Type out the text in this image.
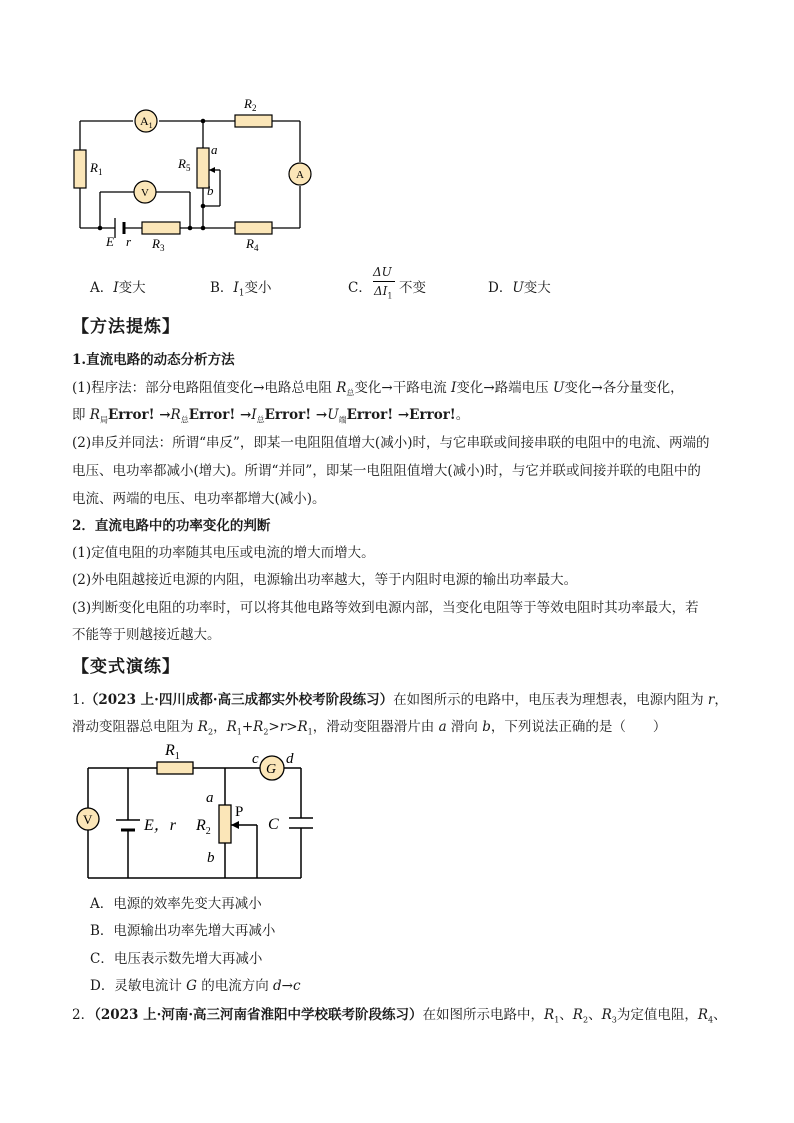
$A_1$
$R_2$
$R_1$
$R_5$
a
b
A
V
E r $R_3$	$R_4$
A．I变大	B．$I_1$变小	C．
ΔU
$\Delta I_1$ 不变	D．U变大
【方法提炼】
1.直流电路的动态分析方法
(1)程序法：部分电路阻值变化→电路总电阻 $R_总$变化→干路电流 I变化→路端电压 U变化→各分量变化，
即 $R_局Error$! $\to R_总Error$! $\to I_总Error$! $\to U_端Error$! →Error!。
(2)串反并同法：所谓“串反”，即某一电阻阻值增大(减小)时，与它串联或间接串联的电阻中的电流、两端的
电压、电功率都减小(增大)。所谓“并同”，即某一电阻阻值增大(减小)时，与它并联或间接并联的电阻中的
电流、两端的电压、电功率都增大(减小)。
2．直流电路中的功率变化的判断
(1)定值电阻的功率随其电压或电流的增大而增大。
(2)外电阻越接近电源的内阻，电源输出功率越大，等于内阻时电源的输出功率最大。
(3)判断变化电阻的功率时，可以将其他电路等效到电源内部，当变化电阻等于等效电阻时其功率最大，若
不能等于则越接近越大。
【变式演练】
1.（2023 上·四川成都·高三成都实外校考阶段练习）在如图所示的电路中，电压表为理想表，电源内阻为 r，
滑动变阻器总电阻为 $R_2$，$R_1+R_2>r>R_1$，滑动变阻器滑片由 a 滑向 b，下列说法正确的是（　　）
$R_1$	c d
G
V	E，r
a
P
$R_2$	C
b
A．电源的效率先变大再减小
B．电源输出功率先增大再减小
C．电压表示数先增大再减小
D．灵敏电流计 G 的电流方向 d→c
2．（2023 上·河南·高三河南省淮阳中学校联考阶段练习）在如图所示电路中，$R_1$、$R_2$、$R_3$为定值电阻，$R_4$、
